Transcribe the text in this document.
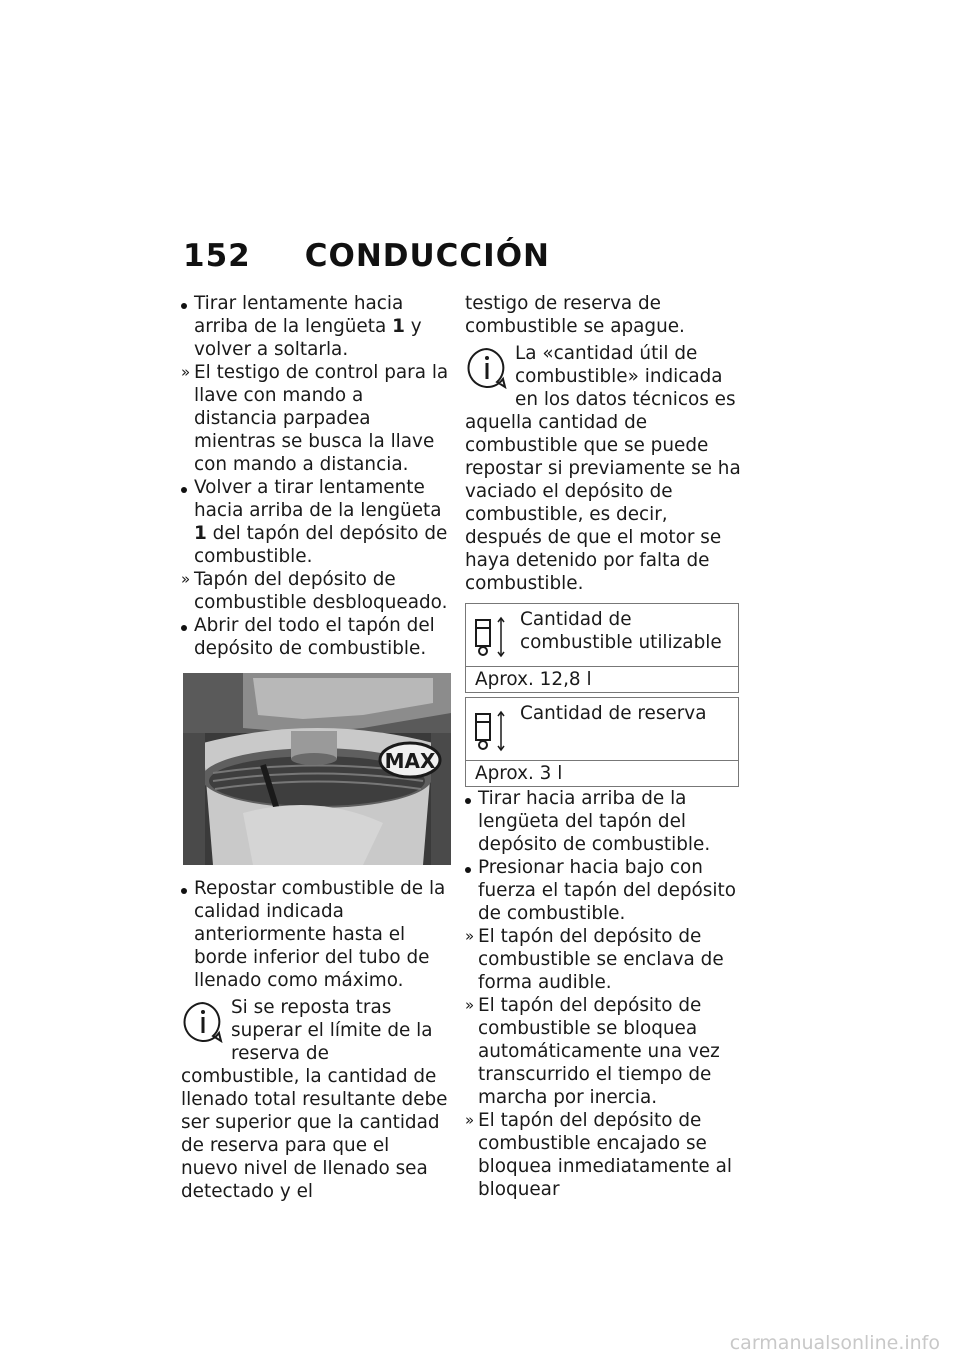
152 CONDUCCIÓN
Tirar lentamente hacia arriba de la lengüeta 1 y volver a soltarla.
» El testigo de control para la llave con mando a distancia parpadea mientras se busca la llave con mando a distancia.
Volver a tirar lentamente hacia arriba de la lengüeta 1 del tapón del depósito de combustible.
» Tapón del depósito de combustible desbloqueado.
Abrir del todo el tapón del depósito de combustible.
MAX
Repostar combustible de la calidad indicada anteriormente hasta el borde inferior del tubo de llenado como máximo.

Si se reposta tras superar el límite de la reserva de combustible, la cantidad de llenado total resultante debe ser superior que la cantidad de reserva para que el nuevo nivel de llenado sea detectado y el

testigo de reserva de combustible se apague.

La «cantidad útil de combustible» indicada en los datos técnicos es aquella cantidad de combustible que se puede repostar si previamente se ha vaciado el depósito de combustible, es decir, después de que el motor se haya detenido por falta de combustible.

Cantidad de combustible utilizable
Aprox. 12,8 l
Cantidad de reserva
Aprox. 3 l
Tirar hacia arriba de la lengüeta del tapón del depósito de combustible.
Presionar hacia bajo con fuerza el tapón del depósito de combustible.
» El tapón del depósito de combustible se enclava de forma audible.
» El tapón del depósito de combustible se bloquea automáticamente una vez transcurrido el tiempo de marcha por inercia.
» El tapón del depósito de combustible encajado se bloquea inmediatamente al bloquear
carmanualsonline.info
